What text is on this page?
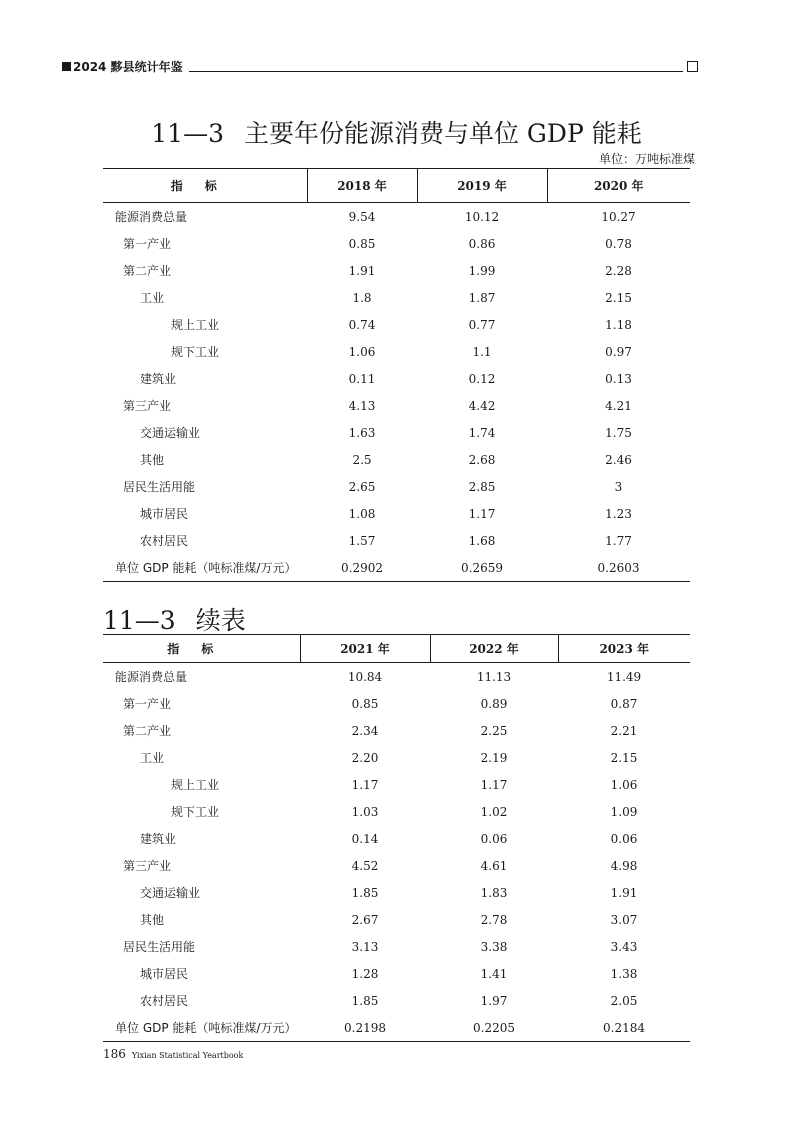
2024 黟县统计年鉴
11—3 主要年份能源消费与单位 GDP 能耗
单位：万吨标准煤
指标	2018 年	2019 年	2020 年
能源消费总量	9.54	10.12	10.27
第一产业	0.85	0.86	0.78
第二产业	1.91	1.99	2.28
工业	1.8	1.87	2.15
规上工业	0.74	0.77	1.18
规下工业	1.06	1.1	0.97
建筑业	0.11	0.12	0.13
第三产业	4.13	4.42	4.21
交通运输业	1.63	1.74	1.75
其他	2.5	2.68	2.46
居民生活用能	2.65	2.85	3
城市居民	1.08	1.17	1.23
农村居民	1.57	1.68	1.77
单位 GDP 能耗（吨标准煤/万元）	0.2902	0.2659	0.2603
11—3 续表
指标	2021 年	2022 年	2023 年
能源消费总量	10.84	11.13	11.49
第一产业	0.85	0.89	0.87
第二产业	2.34	2.25	2.21
工业	2.20	2.19	2.15
规上工业	1.17	1.17	1.06
规下工业	1.03	1.02	1.09
建筑业	0.14	0.06	0.06
第三产业	4.52	4.61	4.98
交通运输业	1.85	1.83	1.91
其他	2.67	2.78	3.07
居民生活用能	3.13	3.38	3.43
城市居民	1.28	1.41	1.38
农村居民	1.85	1.97	2.05
单位 GDP 能耗（吨标准煤/万元）	0.2198	0.2205	0.2184
186 Yixian Statistical Yeartbook
